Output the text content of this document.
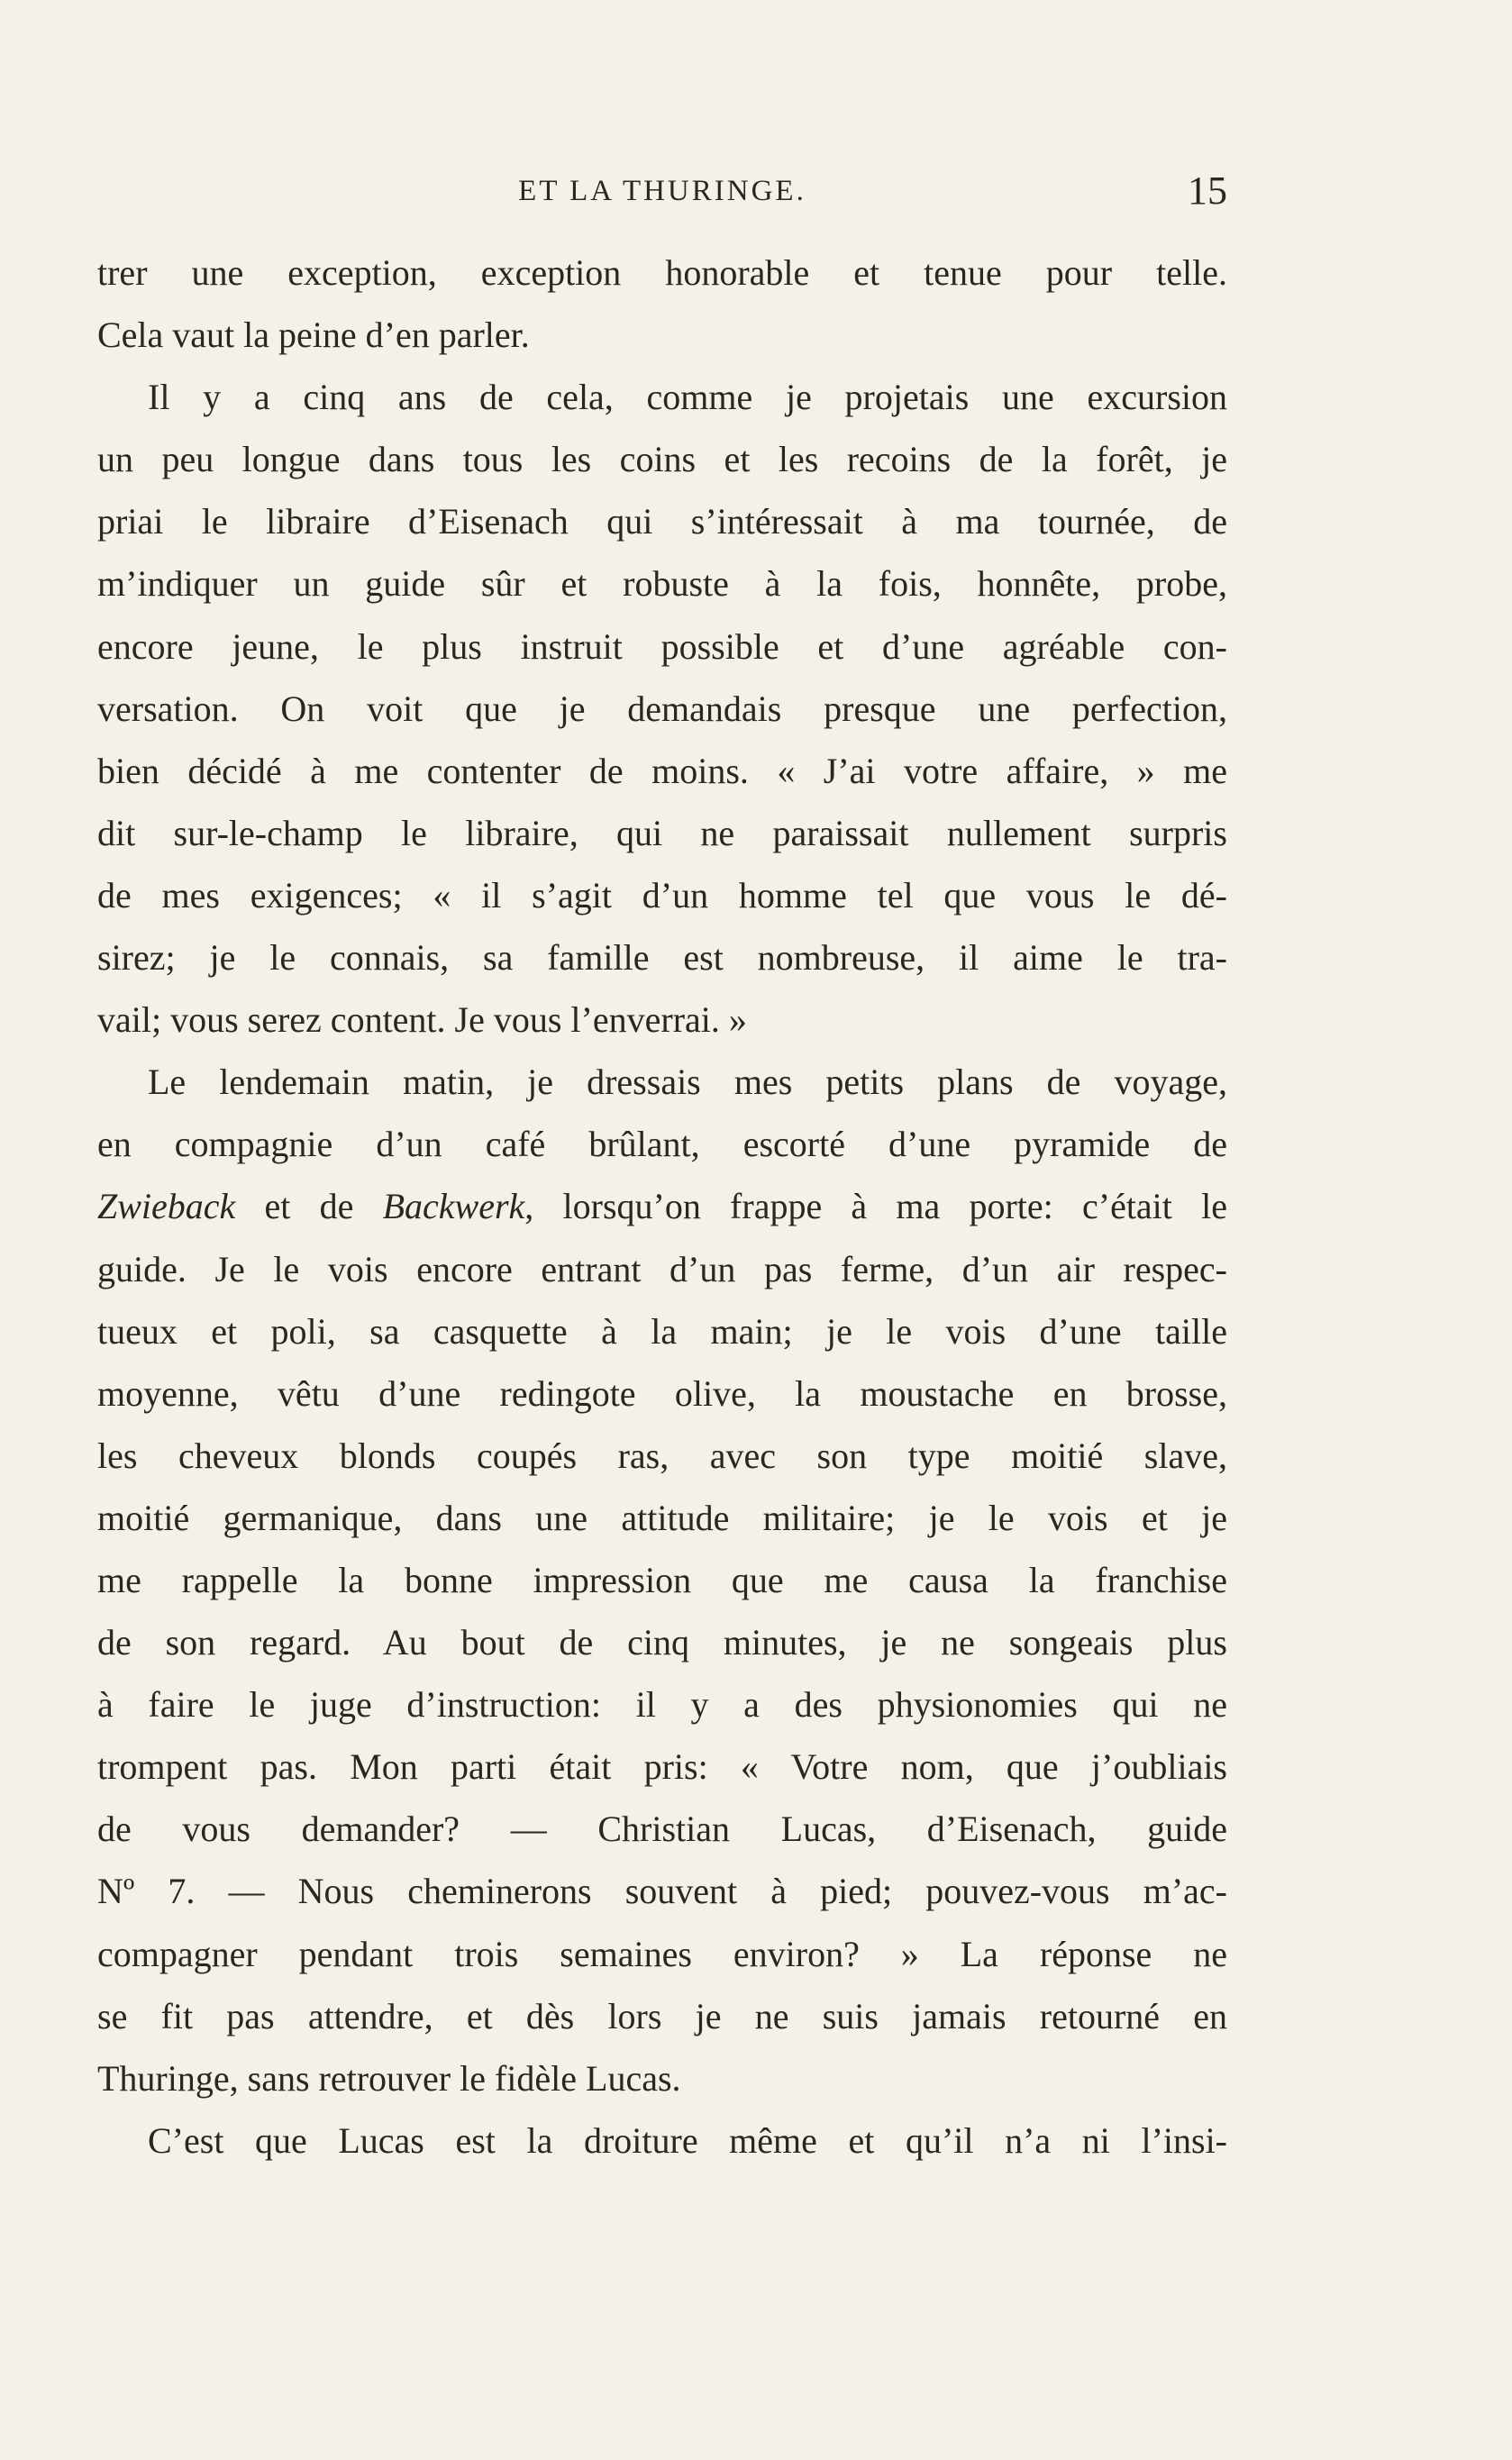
ET LA THURINGE.	15
trer une exception, exception honorable et tenue pour telle.
Cela vaut la peine d’en parler.
Il y a cinq ans de cela, comme je projetais une excursion
un peu longue dans tous les coins et les recoins de la forêt, je
priai le libraire d’Eisenach qui s’intéressait à ma tournée, de
m’indiquer un guide sûr et robuste à la fois, honnête, probe,
encore jeune, le plus instruit possible et d’une agréable con-
versation. On voit que je demandais presque une perfection,
bien décidé à me contenter de moins. « J’ai votre affaire, » me
dit sur-le-champ le libraire, qui ne paraissait nullement surpris
de mes exigences; « il s’agit d’un homme tel que vous le dé-
sirez; je le connais, sa famille est nombreuse, il aime le tra-
vail; vous serez content. Je vous l’enverrai. »
Le lendemain matin, je dressais mes petits plans de voyage,
en compagnie d’un café brûlant, escorté d’une pyramide de
Zwieback et de Backwerk, lorsqu’on frappe à ma porte: c’était le
guide. Je le vois encore entrant d’un pas ferme, d’un air respec-
tueux et poli, sa casquette à la main; je le vois d’une taille
moyenne, vêtu d’une redingote olive, la moustache en brosse,
les cheveux blonds coupés ras, avec son type moitié slave,
moitié germanique, dans une attitude militaire; je le vois et je
me rappelle la bonne impression que me causa la franchise
de son regard. Au bout de cinq minutes, je ne songeais plus
à faire le juge d’instruction: il y a des physionomies qui ne
trompent pas. Mon parti était pris: « Votre nom, que j’oubliais
de vous demander? — Christian Lucas, d’Eisenach, guide
Nº 7. — Nous cheminerons souvent à pied; pouvez-vous m’ac-
compagner pendant trois semaines environ? » La réponse ne
se fit pas attendre, et dès lors je ne suis jamais retourné en
Thuringe, sans retrouver le fidèle Lucas.
C’est que Lucas est la droiture même et qu’il n’a ni l’insi-
